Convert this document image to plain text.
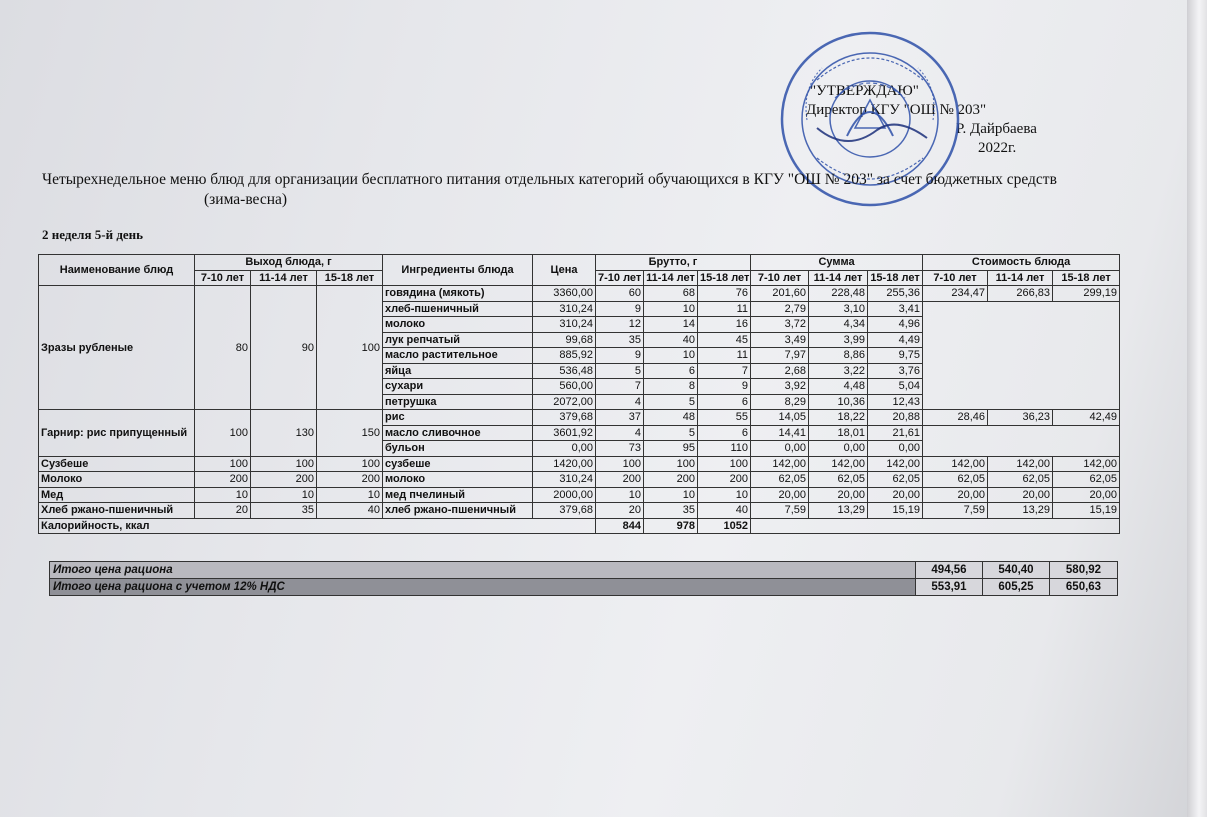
"УТВЕРЖДАЮ"
Директор КГУ "ОШ № 203"
Р. Дайрбаева
2022г.
Четырехнедельное меню блюд для организации бесплатного питания отдельных категорий обучающихся в КГУ "ОШ № 203" за счет бюджетных средств
(зима-весна)
2 неделя 5-й день
Наименование блюд	Выход блюда, г			Ингредиенты блюда	Цена	Брутто, г			Сумма			Стоимость блюда		
	7-10 лет	11-14 лет	15-18 лет			7-10 лет	11-14 лет	15-18 лет	7-10 лет	11-14 лет	15-18 лет	7-10 лет	11-14 лет	15-18 лет
Зразы рубленые	80	90	100	говядина (мякоть)	3360,00	60	68	76	201,60	228,48	255,36	234,47	266,83	299,19
				хлеб-пшеничный	310,24	9	10	11	2,79	3,10	3,41			
				молоко	310,24	12	14	16	3,72	4,34	4,96			
				лук репчатый	99,68	35	40	45	3,49	3,99	4,49			
				масло растительное	885,92	9	10	11	7,97	8,86	9,75			
				яйца	536,48	5	6	7	2,68	3,22	3,76			
				сухари	560,00	7	8	9	3,92	4,48	5,04			
				петрушка	2072,00	4	5	6	8,29	10,36	12,43			
Гарнир: рис припущенный	100	130	150	рис	379,68	37	48	55	14,05	18,22	20,88	28,46	36,23	42,49
				масло сливочное	3601,92	4	5	6	14,41	18,01	21,61			
				бульон	0,00	73	95	110	0,00	0,00	0,00			
Сузбеше	100	100	100	сузбеше	1420,00	100	100	100	142,00	142,00	142,00	142,00	142,00	142,00
Молоко	200	200	200	молоко	310,24	200	200	200	62,05	62,05	62,05	62,05	62,05	62,05
Мед	10	10	10	мед пчелиный	2000,00	10	10	10	20,00	20,00	20,00	20,00	20,00	20,00
Хлеб ржано-пшеничный	20	35	40	хлеб ржано-пшеничный	379,68	20	35	40	7,59	13,29	15,19	7,59	13,29	15,19
Калорийность, ккал						844	978	1052						
Итого цена рациона	494,56	540,40	580,92
Итого цена рациона с учетом 12% НДС	553,91	605,25	650,63
